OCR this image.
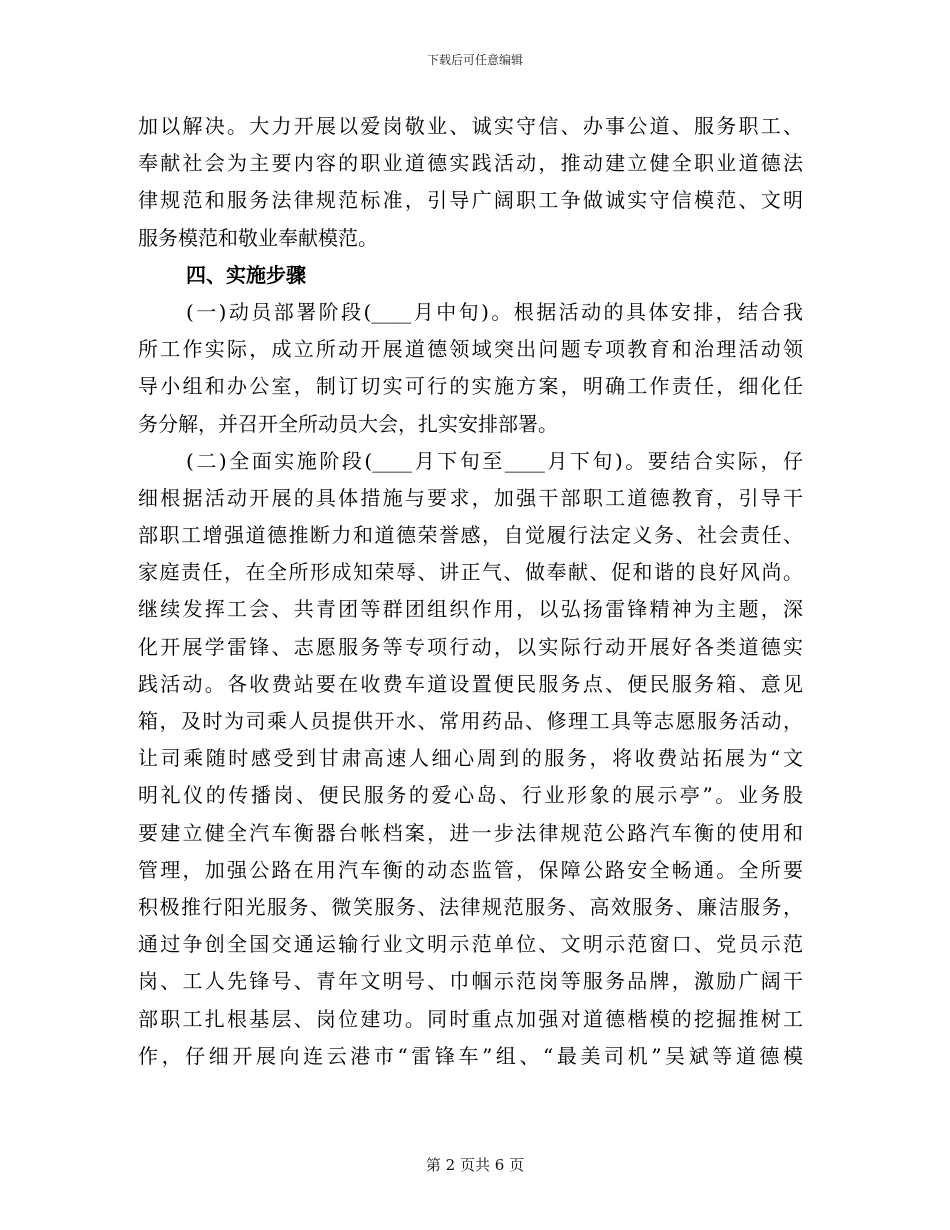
下载后可任意编辑
加以解决。大力开展以爱岗敬业、诚实守信、办事公道、服务职工、
奉献社会为主要内容的职业道德实践活动，推动建立健全职业道德法
律规范和服务法律规范标准，引导广阔职工争做诚实守信模范、文明
服务模范和敬业奉献模范。
四、实施步骤
(一)动员部署阶段(____月中旬)。根据活动的具体安排，结合我
所工作实际，成立所动开展道德领域突出问题专项教育和治理活动领
导小组和办公室，制订切实可行的实施方案，明确工作责任，细化任
务分解，并召开全所动员大会，扎实安排部署。
(二)全面实施阶段(____月下旬至____月下旬)。要结合实际，仔
细根据活动开展的具体措施与要求，加强干部职工道德教育，引导干
部职工增强道德推断力和道德荣誉感，自觉履行法定义务、社会责任、
家庭责任，在全所形成知荣辱、讲正气、做奉献、促和谐的良好风尚。
继续发挥工会、共青团等群团组织作用，以弘扬雷锋精神为主题，深
化开展学雷锋、志愿服务等专项行动，以实际行动开展好各类道德实
践活动。各收费站要在收费车道设置便民服务点、便民服务箱、意见
箱，及时为司乘人员提供开水、常用药品、修理工具等志愿服务活动，
让司乘随时感受到甘肃高速人细心周到的服务，将收费站拓展为“文
明礼仪的传播岗、便民服务的爱心岛、行业形象的展示亭”。业务股
要建立健全汽车衡器台帐档案，进一步法律规范公路汽车衡的使用和
管理，加强公路在用汽车衡的动态监管，保障公路安全畅通。全所要
积极推行阳光服务、微笑服务、法律规范服务、高效服务、廉洁服务，
通过争创全国交通运输行业文明示范单位、文明示范窗口、党员示范
岗、工人先锋号、青年文明号、巾帼示范岗等服务品牌，激励广阔干
部职工扎根基层、岗位建功。同时重点加强对道德楷模的挖掘推树工
作，仔细开展向连云港市“雷锋车”组、“最美司机”吴斌等道德模
第 2 页共 6 页
